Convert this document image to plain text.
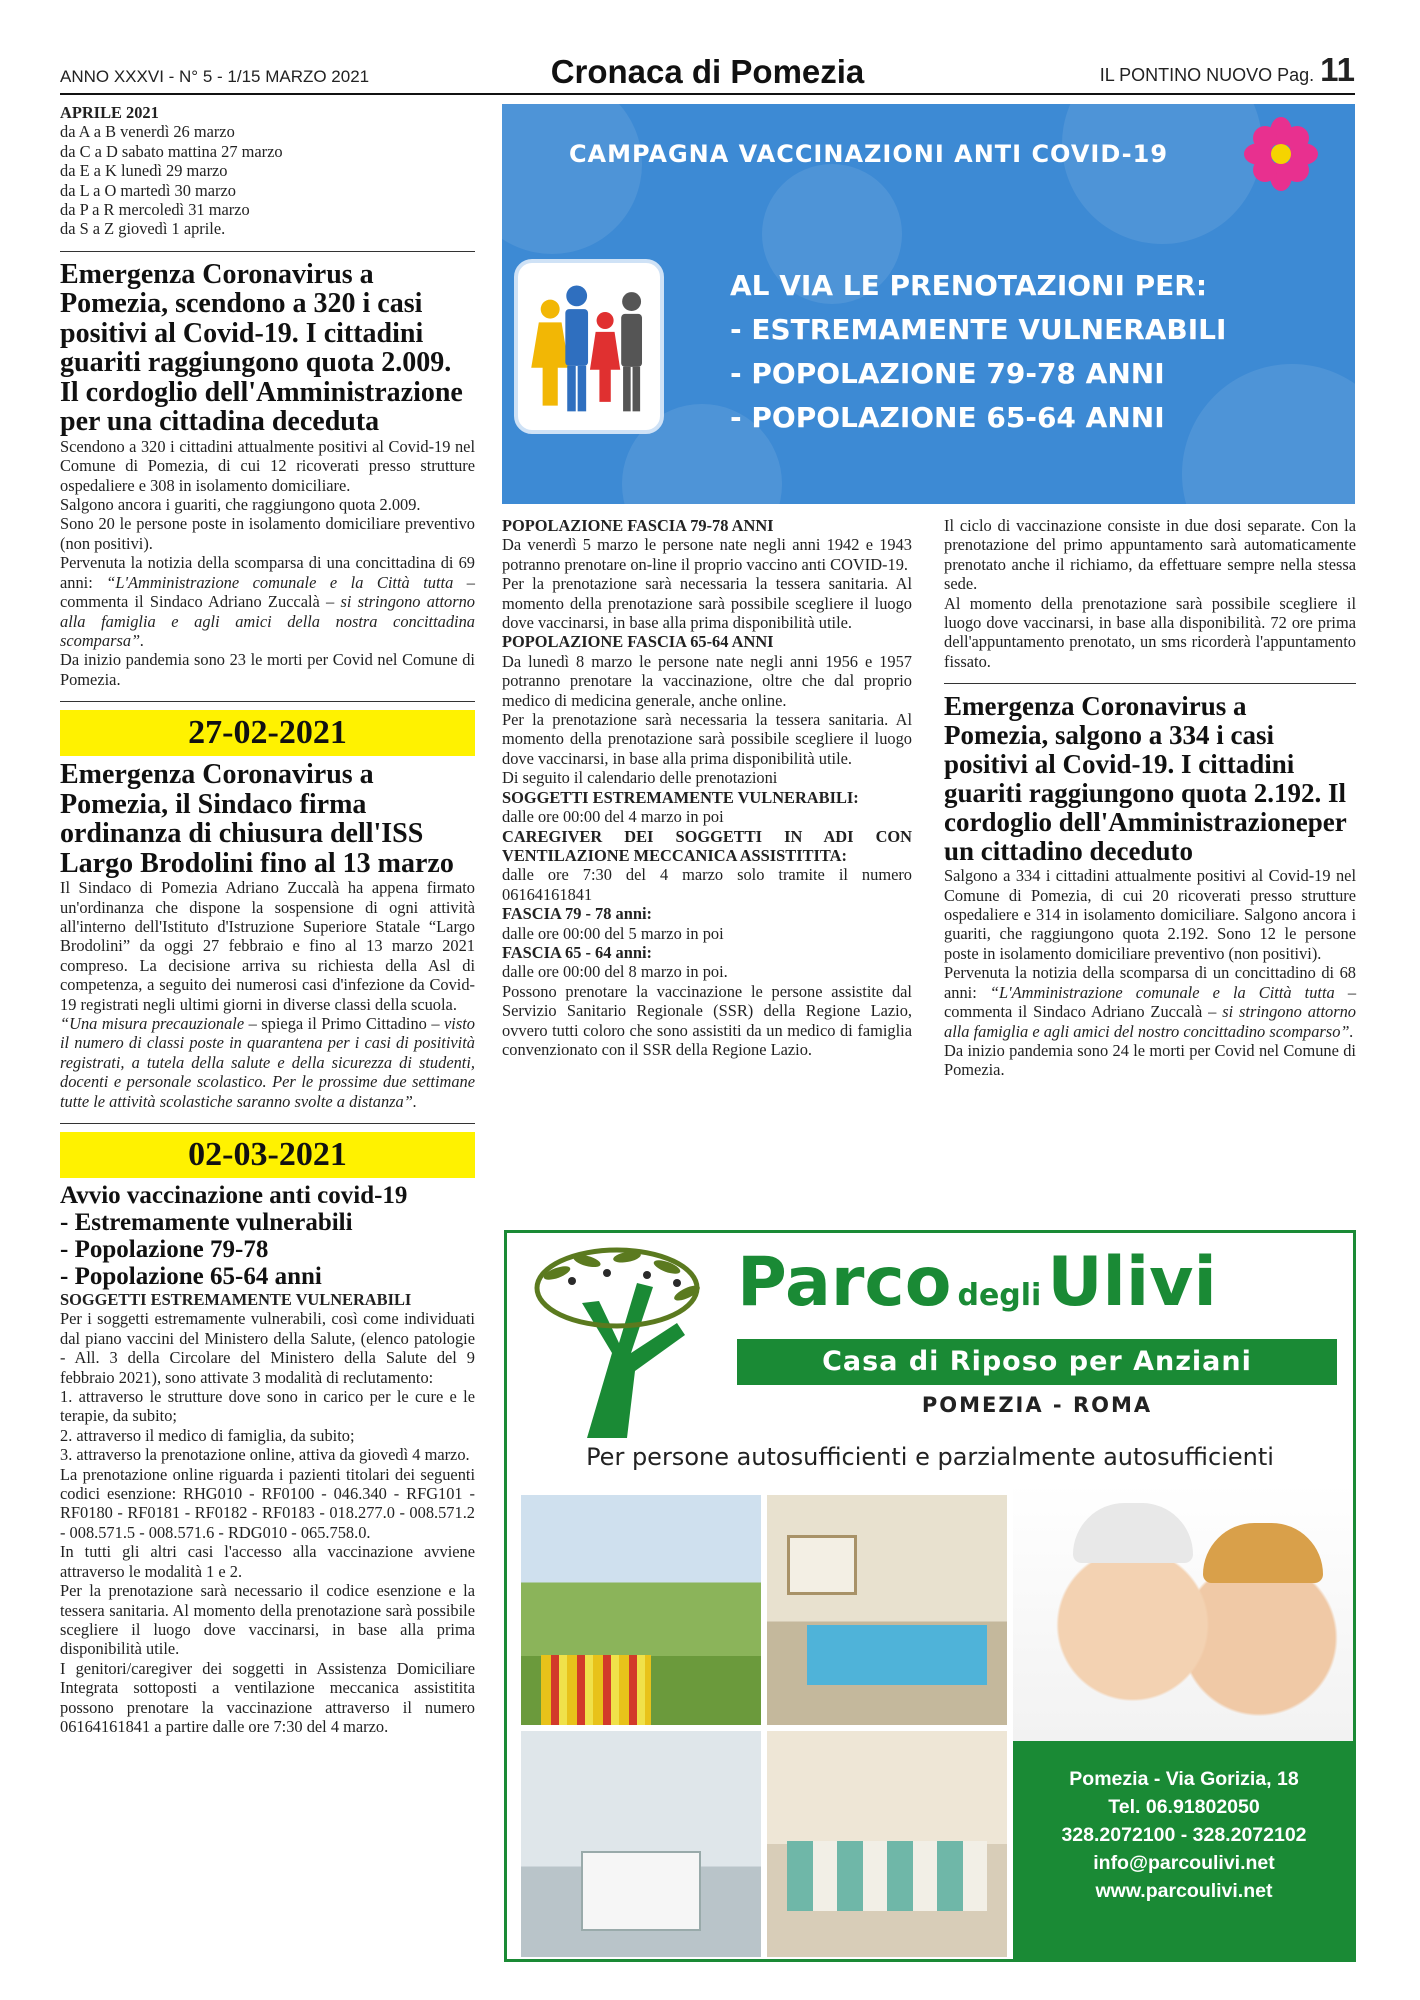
ANNO XXXVI - N° 5 - 1/15 MARZO 2021	Cronaca di Pomezia	IL PONTINO NUOVO Pag. 11

APRILE 2021

da A a B venerdì 26 marzo

da C a D sabato mattina 27 marzo

da E a K lunedì 29 marzo

da L a O martedì 30 marzo

da P a R mercoledì 31 marzo

da S a Z giovedì 1 aprile.

Emergenza Coronavirus a Pomezia, scendono a 320 i casi positivi al Covid-19. I cittadini guariti raggiungono quota 2.009. Il cordoglio dell'Amministrazione per una cittadina deceduta

Scendono a 320 i cittadini attualmente positivi al Covid-19 nel Comune di Pomezia, di cui 12 ricoverati presso strutture ospedaliere e 308 in isolamento domiciliare.

Salgono ancora i guariti, che raggiungono quota 2.009.

Sono 20 le persone poste in isolamento domiciliare preventivo (non positivi).

Pervenuta la notizia della scomparsa di una concittadina di 69 anni: “L'Amministrazione comunale e la Città tutta – commenta il Sindaco Adriano Zuccalà – si stringono attorno alla famiglia e agli amici della nostra concittadina scomparsa”.

Da inizio pandemia sono 23 le morti per Covid nel Comune di Pomezia.

27-02-2021

Emergenza Coronavirus a Pomezia, il Sindaco firma ordinanza di chiusura dell'ISS Largo Brodolini fino al 13 marzo

Il Sindaco di Pomezia Adriano Zuccalà ha appena firmato un'ordinanza che dispone la sospensione di ogni attività all'interno dell'Istituto d'Istruzione Superiore Statale “Largo Brodolini” da oggi 27 febbraio e fino al 13 marzo 2021 compreso. La decisione arriva su richiesta della Asl di competenza, a seguito dei numerosi casi d'infezione da Covid-19 registrati negli ultimi giorni in diverse classi della scuola.

“Una misura precauzionale – spiega il Primo Cittadino – visto il numero di classi poste in quarantena per i casi di positività registrati, a tutela della salute e della sicurezza di studenti, docenti e personale scolastico. Per le prossime due settimane tutte le attività scolastiche saranno svolte a distanza”.

02-03-2021

Avvio vaccinazione anti covid-19

- Estremamente vulnerabili

- Popolazione 79-78

- Popolazione 65-64 anni

SOGGETTI ESTREMAMENTE VULNERABILI

Per i soggetti estremamente vulnerabili, così come individuati dal piano vaccini del Ministero della Salute, (elenco patologie - All. 3 della Circolare del Ministero della Salute del 9 febbraio 2021), sono attivate 3 modalità di reclutamento:

1. attraverso le strutture dove sono in carico per le cure e le terapie, da subito;

2. attraverso il medico di famiglia, da subito;

3. attraverso la prenotazione online, attiva da giovedì 4 marzo.

La prenotazione online riguarda i pazienti titolari dei seguenti codici esenzione: RHG010 - RF0100 - 046.340 - RFG101 - RF0180 - RF0181 - RF0182 - RF0183 - 018.277.0 - 008.571.2 - 008.571.5 - 008.571.6 - RDG010 - 065.758.0.

In tutti gli altri casi l'accesso alla vaccinazione avviene attraverso le modalità 1 e 2.

Per la prenotazione sarà necessario il codice esenzione e la tessera sanitaria. Al momento della prenotazione sarà possibile scegliere il luogo dove vaccinarsi, in base alla prima disponibilità utile.

I genitori/caregiver dei soggetti in Assistenza Domiciliare Integrata sottoposti a ventilazione meccanica assistitita possono prenotare la vaccinazione attraverso il numero 06164161841 a partire dalle ore 7:30 del 4 marzo.

POPOLAZIONE FASCIA 79-78 ANNI

Da venerdì 5 marzo le persone nate negli anni 1942 e 1943 potranno prenotare on-line il proprio vaccino anti COVID-19.

Per la prenotazione sarà necessaria la tessera sanitaria. Al momento della prenotazione sarà possibile scegliere il luogo dove vaccinarsi, in base alla prima disponibilità utile.

POPOLAZIONE FASCIA 65-64 ANNI

Da lunedì 8 marzo le persone nate negli anni 1956 e 1957 potranno prenotare la vaccinazione, oltre che dal proprio medico di medicina generale, anche online.

Per la prenotazione sarà necessaria la tessera sanitaria. Al momento della prenotazione sarà possibile scegliere il luogo dove vaccinarsi, in base alla prima disponibilità utile.

Di seguito il calendario delle prenotazioni

SOGGETTI ESTREMAMENTE VULNERABILI:

dalle ore 00:00 del 4 marzo in poi

CAREGIVER DEI SOGGETTI IN ADI CON VENTILAZIONE MECCANICA ASSISTITITA:

dalle ore 7:30 del 4 marzo solo tramite il numero 06164161841

FASCIA 79 - 78 anni:

dalle ore 00:00 del 5 marzo in poi

FASCIA 65 - 64 anni:

dalle ore 00:00 del 8 marzo in poi.

Possono prenotare la vaccinazione le persone assistite dal Servizio Sanitario Regionale (SSR) della Regione Lazio, ovvero tutti coloro che sono assistiti da un medico di famiglia convenzionato con il SSR della Regione Lazio.

Il ciclo di vaccinazione consiste in due dosi separate. Con la prenotazione del primo appuntamento sarà automaticamente prenotato anche il richiamo, da effettuare sempre nella stessa sede.

Al momento della prenotazione sarà possibile scegliere il luogo dove vaccinarsi, in base alla disponibilità. 72 ore prima dell'appuntamento prenotato, un sms ricorderà l'appuntamento fissato.

Emergenza Coronavirus a Pomezia, salgono a 334 i casi positivi al Covid-19. I cittadini guariti raggiungono quota 2.192. Il cordoglio dell'Amministrazioneper un cittadino deceduto

Salgono a 334 i cittadini attualmente positivi al Covid-19 nel Comune di Pomezia, di cui 20 ricoverati presso strutture ospedaliere e 314 in isolamento domiciliare. Salgono ancora i guariti, che raggiungono quota 2.192. Sono 12 le persone poste in isolamento domiciliare preventivo (non positivi).

Pervenuta la notizia della scomparsa di un concittadino di 68 anni: “L'Amministrazione comunale e la Città tutta – commenta il Sindaco Adriano Zuccalà – si stringono attorno alla famiglia e agli amici del nostro concittadino scomparso”.

Da inizio pandemia sono 24 le morti per Covid nel Comune di Pomezia.

CAMPAGNA VACCINAZIONI ANTI COVID-19
AL VIA LE PRENOTAZIONI PER:
- ESTREMAMENTE VULNERABILI
- POPOLAZIONE 79-78 ANNI
- POPOLAZIONE 65-64 ANNI
Parco degliUlivi
Casa di Riposo per Anziani
POMEZIA - ROMA
Per persone autosufficienti e parzialmente autosufficienti
Pomezia - Via Gorizia, 18
Tel. 06.91802050
328.2072100 - 328.2072102
info@parcoulivi.net
www.parcoulivi.net
